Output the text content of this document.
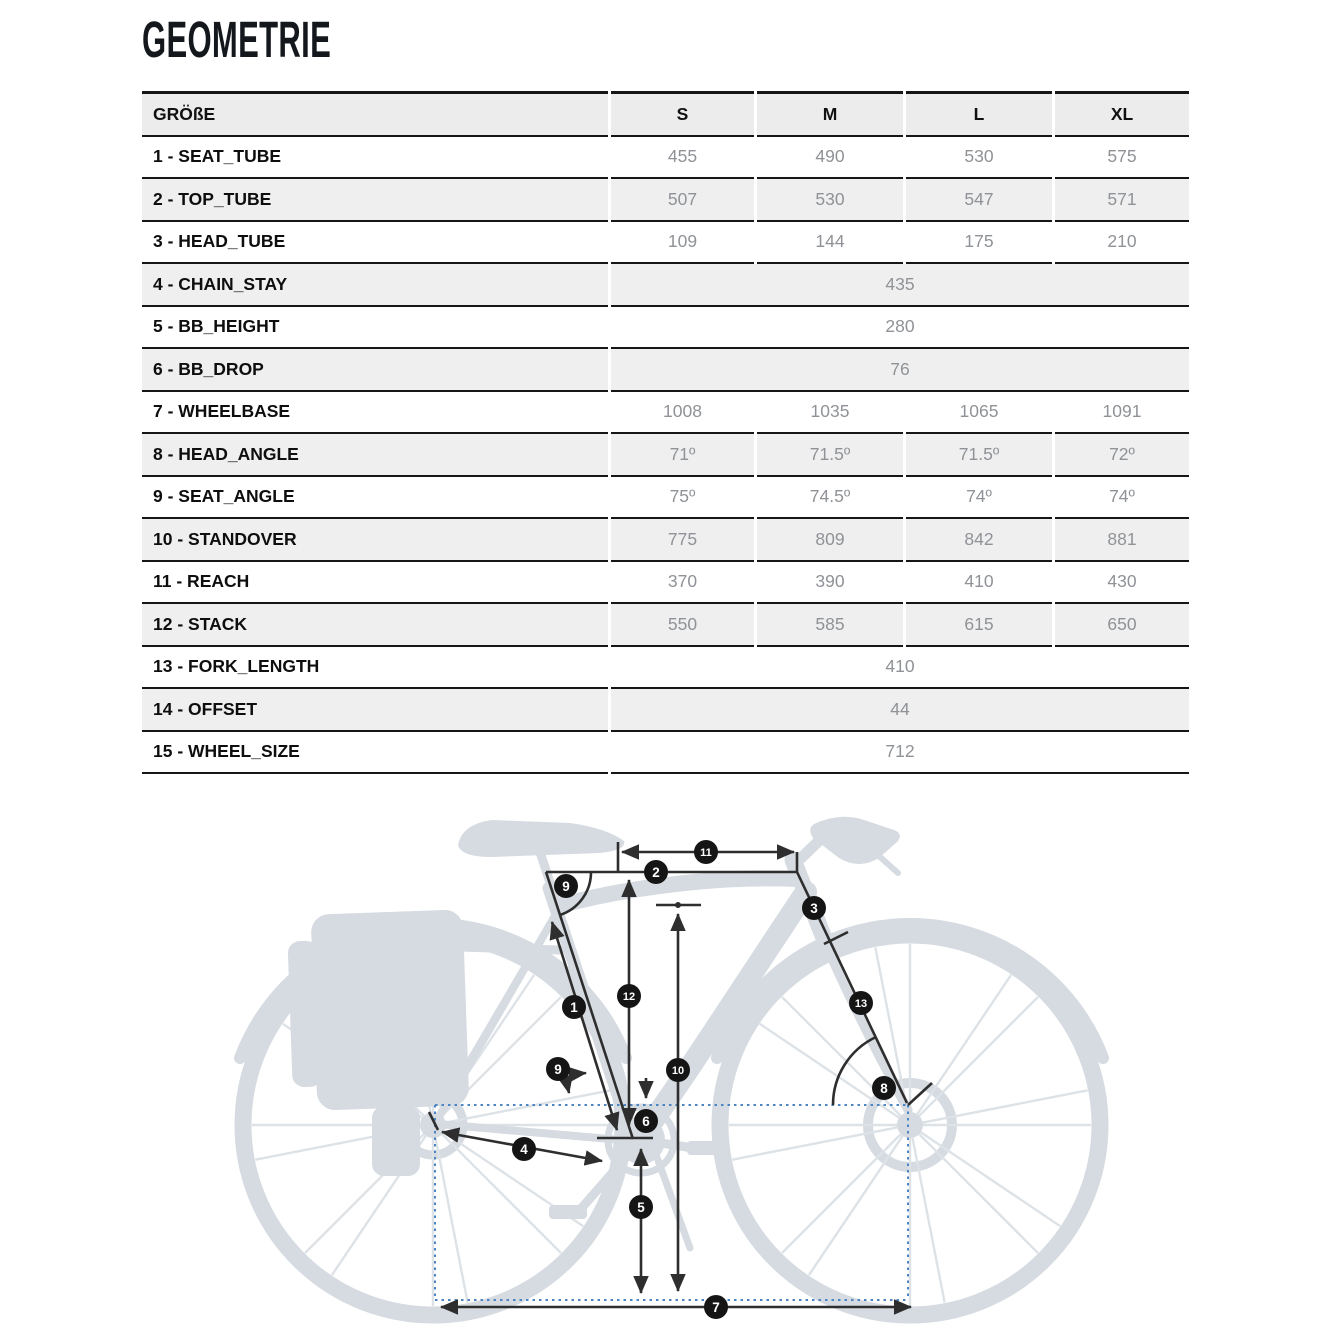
GEOMETRIE
GRÖßE	S	M	L	XL
1 - SEAT_TUBE	455	490	530	575
2 - TOP_TUBE	507	530	547	571
3 - HEAD_TUBE	109	144	175	210
4 - CHAIN_STAY	435			
5 - BB_HEIGHT	280			
6 - BB_DROP	76			
7 - WHEELBASE	1008	1035	1065	1091
8 - HEAD_ANGLE	71º	71.5º	71.5º	72º
9 - SEAT_ANGLE	75º	74.5º	74º	74º
10 - STANDOVER	775	809	842	881
11 - REACH	370	390	410	430
12 - STACK	550	585	615	650
13 - FORK_LENGTH	410			
14 - OFFSET	44			
15 - WHEEL_SIZE	712			
1
2
3
4
5
6
7
8
9
9	10
11
12
13
